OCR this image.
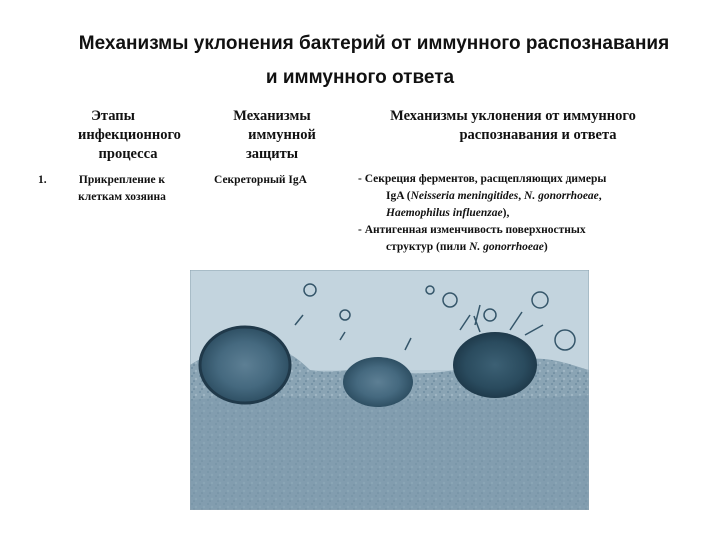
Механизмы уклонения бактерий от иммунного распознавания
и иммунного ответа
Этапы
инфекционного
процесса
Механизмы
иммунной
защиты
Механизмы уклонения от иммунного
распознавания и ответа
1.	Прикрепление к
клеткам хозяина
Секреторный IgA	- Секреция ферментов, расщепляющих димеры
IgA (Neisseria meningitides, N. gonorrhoeae,
Haemophilus influenzae),
- Антигенная изменчивость поверхностных
структур (пили N. gonorrhoeae)
